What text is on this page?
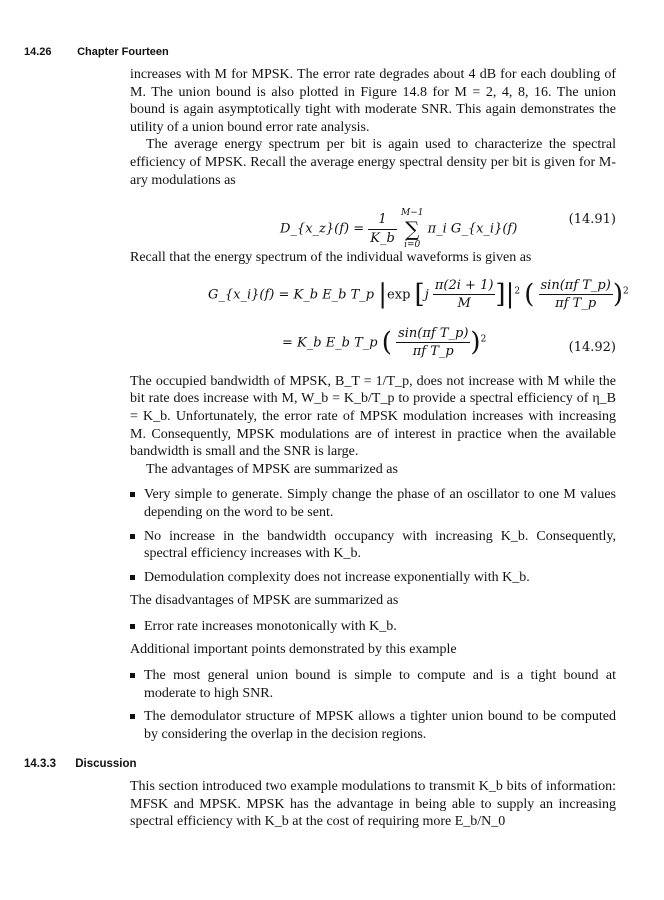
14.26 Chapter Fourteen

increases with M for MPSK. The error rate degrades about 4 dB for each doubling of M. The union bound is also plotted in Figure 14.8 for M = 2, 4, 8, 16. The union bound is again asymptotically tight with moderate SNR. This again demonstrates the utility of a union bound error rate analysis.

The average energy spectrum per bit is again used to characterize the spectral efficiency of MPSK. Recall the average energy spectral density per bit is given for M-ary modulations as

D_{x_z}(f) = $\frac{1}{K\_b}$
M−1
∑
i=0
π_i G_{x_i}(f)
(14.91)

Recall that the energy spectrum of the individual waveforms is given as

G_{x_i}(f) = K_b E_b T_p |exp $[j \frac{\pi(2i + 1)}{M} ]|^2$ ( $\frac{\text{sin(πf T\_p)}}{\text{πf T\_p}} )^2$
= K_b E_b T_p ( $\frac{\text{sin(πf T\_p)}}{\text{πf T\_p}} )^2$
(14.92)

The occupied bandwidth of MPSK, B_T = 1/T_p, does not increase with M while the bit rate does increase with M, W_b = K_b/T_p to provide a spectral efficiency of η_B = K_b. Unfortunately, the error rate of MPSK modulation increases with increasing M. Consequently, MPSK modulations are of interest in practice when the available bandwidth is small and the SNR is large.

The advantages of MPSK are summarized as

Very simple to generate. Simply change the phase of an oscillator to one M values depending on the word to be sent.
No increase in the bandwidth occupancy with increasing K_b. Consequently, spectral efficiency increases with K_b.
Demodulation complexity does not increase exponentially with K_b.

The disadvantages of MPSK are summarized as

Error rate increases monotonically with K_b.

Additional important points demonstrated by this example

The most general union bound is simple to compute and is a tight bound at moderate to high SNR.
The demodulator structure of MPSK allows a tighter union bound to be computed by considering the overlap in the decision regions.
14.3.3 Discussion

This section introduced two example modulations to transmit K_b bits of information: MFSK and MPSK. MPSK has the advantage in being able to supply an increasing spectral efficiency with K_b at the cost of requiring more E_b/N_0
